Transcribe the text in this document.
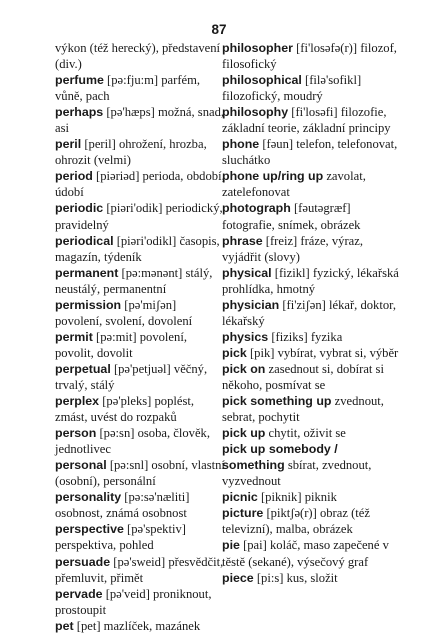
87

výkon (též herecký), představení (div.)

perfume [pə:fju:m] parfém, vůně, pach

perhaps [pə'hæps] možná, snad, asi

peril [peril] ohrožení, hrozba, ohrozit (velmi)

period [piəriəd] perioda, období, údobí

periodic [piəri'odik] periodický, pravidelný

periodical [piəri'odikl] časopis, magazín, týdeník

permanent [pə:mənənt] stálý, neustálý, permanentní

permission [pə'miʃən] povolení, svolení, dovolení

permit [pə:mit] povolení, povolit, dovolit

perpetual [pə'petjuəl] věčný, trvalý, stálý

perplex [pə'pleks] poplést, zmást, uvést do rozpaků

person [pə:sn] osoba, člověk, jednotlivec

personal [pə:snl] osobní, vlastní (osobní), personální

personality [pə:sə'næliti] osobnost, známá osobnost

perspective [pə'spektiv] perspektiva, pohled

persuade [pə'sweid] přesvědčit, přemluvit, přimět

pervade [pə'veid] proniknout, prostoupit

pet [pet] mazlíček, mazánek

philosopher [fi'losəfə(r)] filozof, filosofický

philosophical [filə'sofikl] filozofický, moudrý

philosophy [fi'losəfi] filozofie, základní teorie, základní principy

phone [fəun] telefon, telefonovat, sluchátko

phone up/ring up zavolat, zatelefonovat

photograph [fəutəgræf] fotografie, snímek, obrázek

phrase [freiz] fráze, výraz, vyjádřit (slovy)

physical [fizikl] fyzický, lékařská prohlídka, hmotný

physician [fi'ziʃən] lékař, doktor, lékařský

physics [fiziks] fyzika

pick [pik] vybírat, vybrat si, výběr

pick on zasednout si, dobírat si někoho, posmívat se

pick something up zvednout, sebrat, pochytit

pick up chytit, oživit se

pick up somebody / something sbírat, zvednout, vyzvednout

picnic [piknik] piknik

picture [piktʃə(r)] obraz (též televizní), malba, obrázek

pie [pai] koláč, maso zapečené v těstě (sekané), výsečový graf

piece [pi:s] kus, složit
